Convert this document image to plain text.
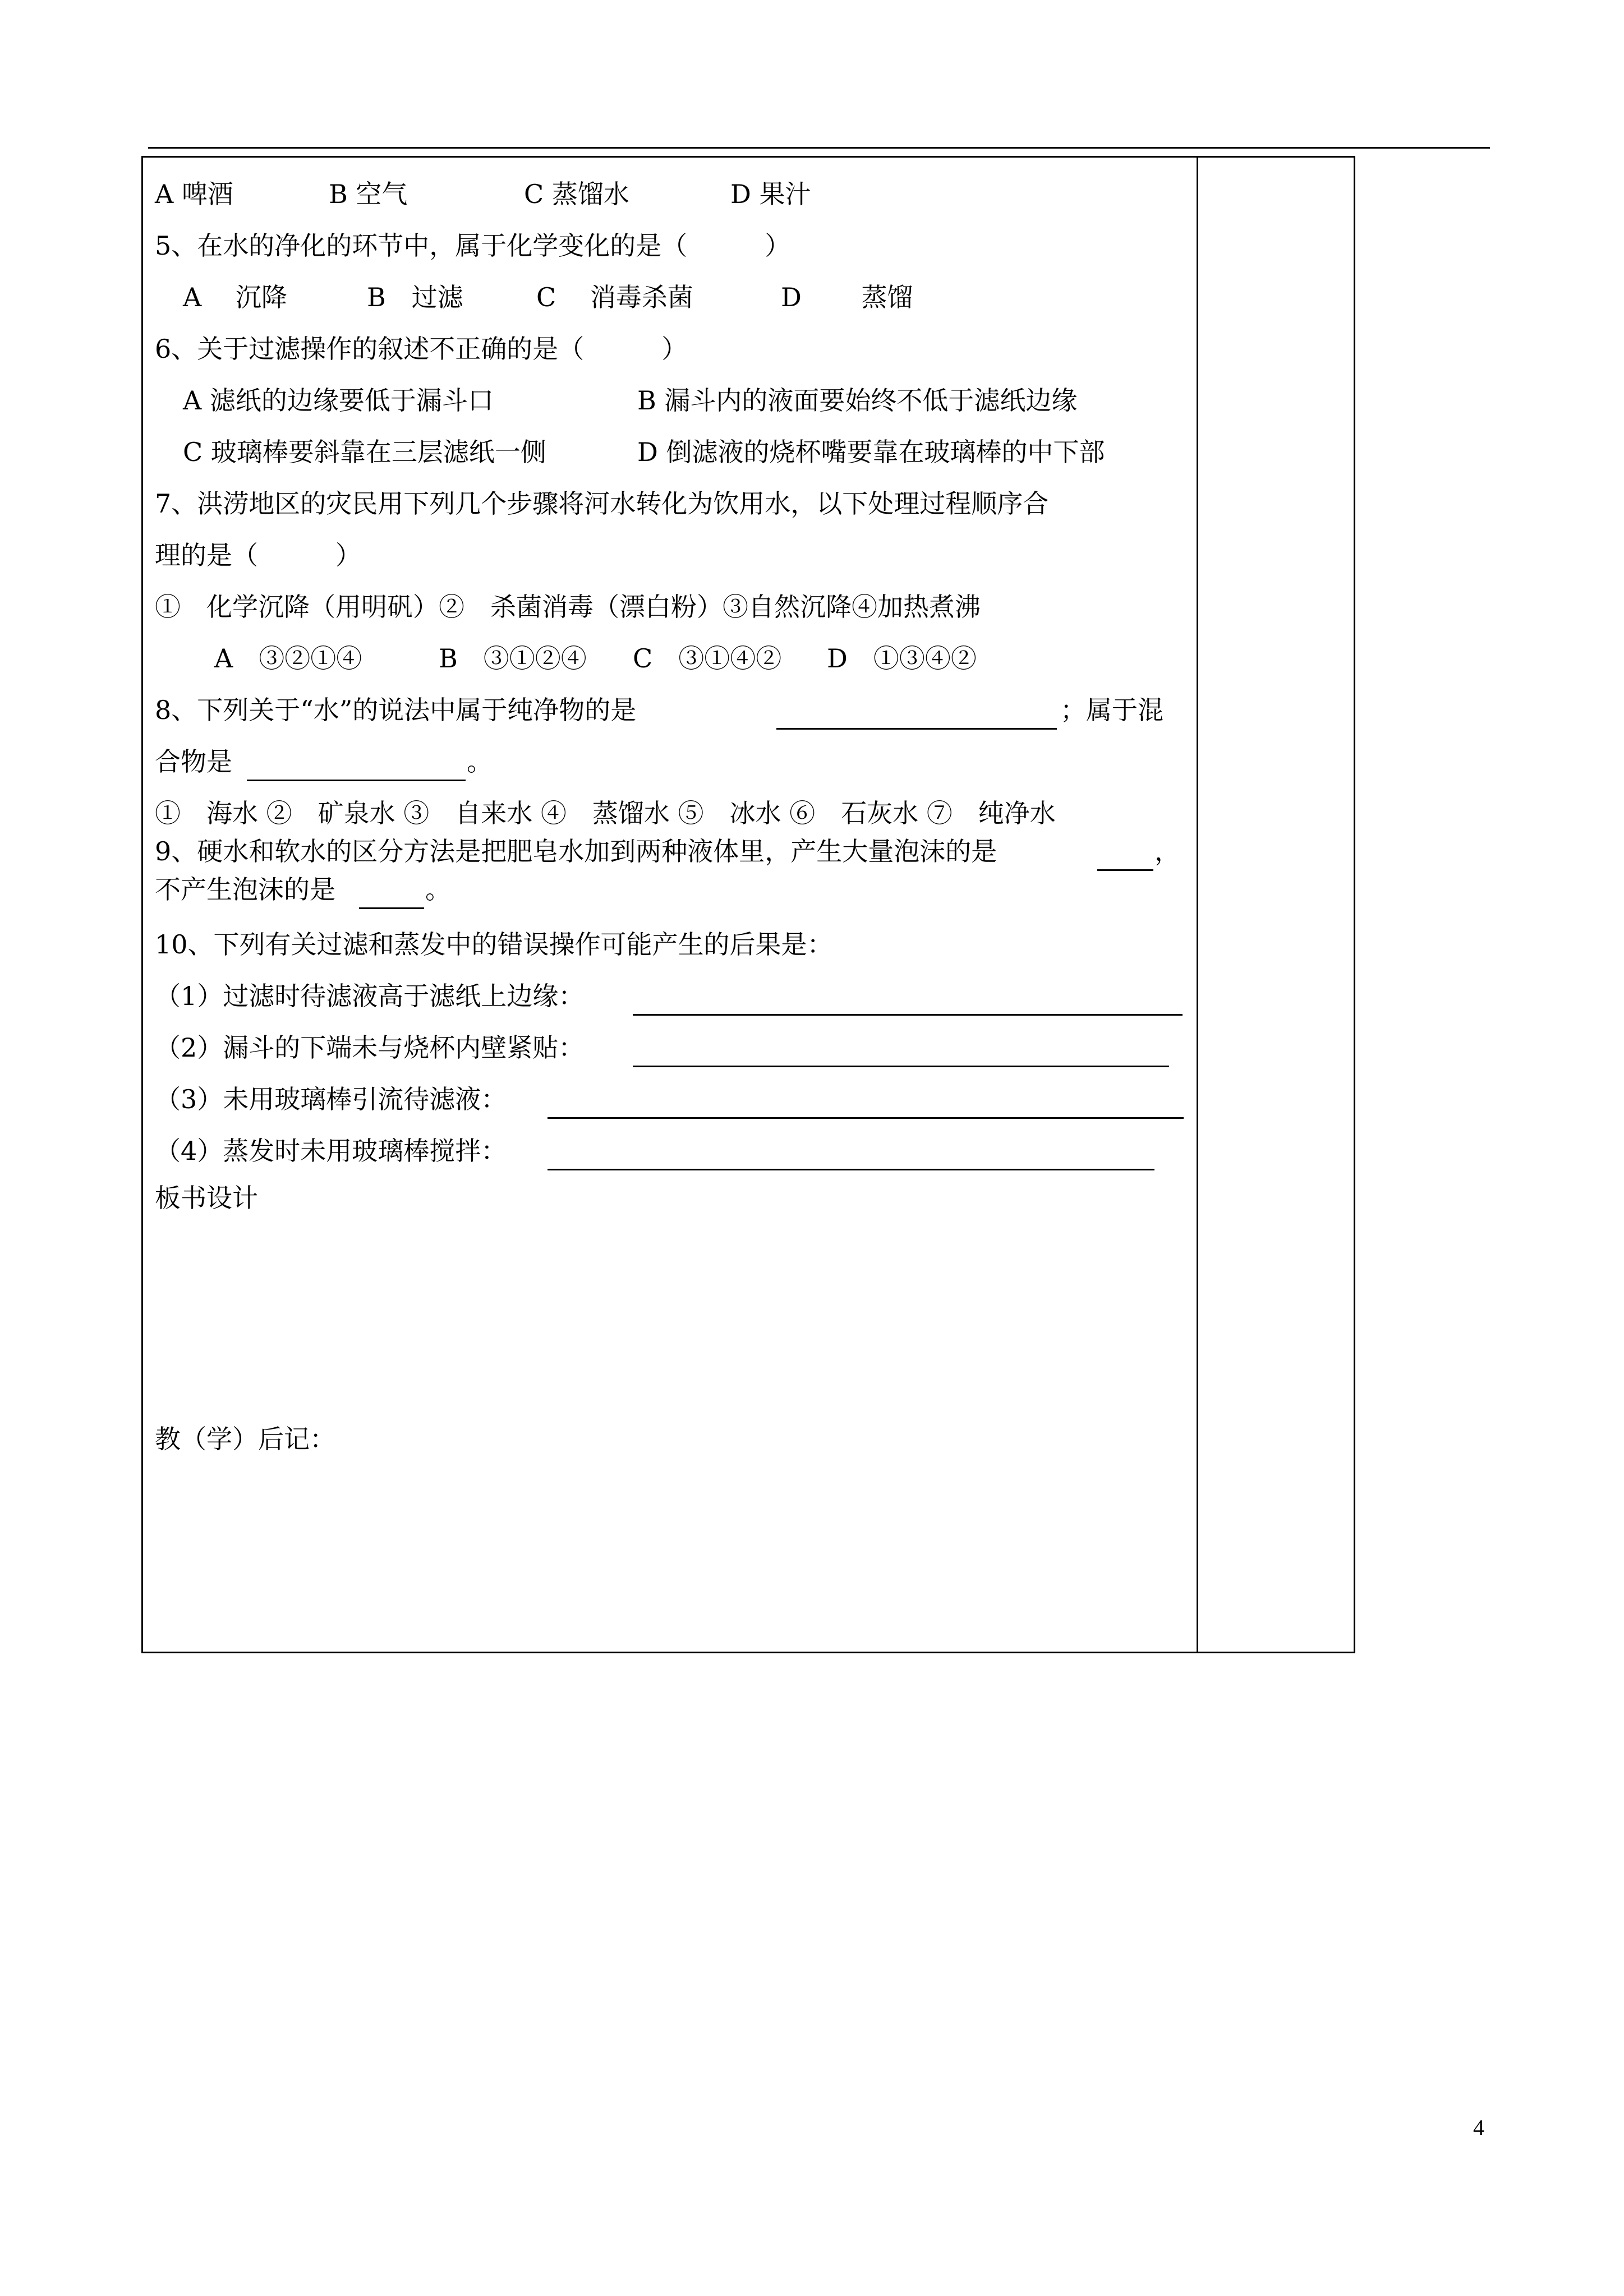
A 啤酒	B 空气	C 蒸馏水	D 果汁
5、在水的净化的环节中，属于化学变化的是（　　　）
A　 沉降	B　过滤	C　 消毒杀菌	D　　 蒸馏
6、关于过滤操作的叙述不正确的是（　　　）
A 滤纸的边缘要低于漏斗口	B 漏斗内的液面要始终不低于滤纸边缘
C 玻璃棒要斜靠在三层滤纸一侧	D 倒滤液的烧杯嘴要靠在玻璃棒的中下部
7、洪涝地区的灾民用下列几个步骤将河水转化为饮用水，以下处理过程顺序合
理的是（　　　）
①　化学沉降（用明矾）②　杀菌消毒（漂白粉）③自然沉降④加热煮沸
A　③②①④	B　③①②④ C　③①④② D　①③④②
8、下列关于“水”的说法中属于纯净物的是	；属于混
合物是	。
①　海水 ②　矿泉水 ③　自来水 ④　蒸馏水 ⑤　冰水 ⑥　石灰水 ⑦　纯净水
9、硬水和软水的区分方法是把肥皂水加到两种液体里，产生大量泡沫的是	，
不产生泡沫的是	。
10、下列有关过滤和蒸发中的错误操作可能产生的后果是：
（1）过滤时待滤液高于滤纸上边缘：
（2）漏斗的下端未与烧杯内壁紧贴：
（3）未用玻璃棒引流待滤液：
（4）蒸发时未用玻璃棒搅拌：
板书设计
教（学）后记：
4
